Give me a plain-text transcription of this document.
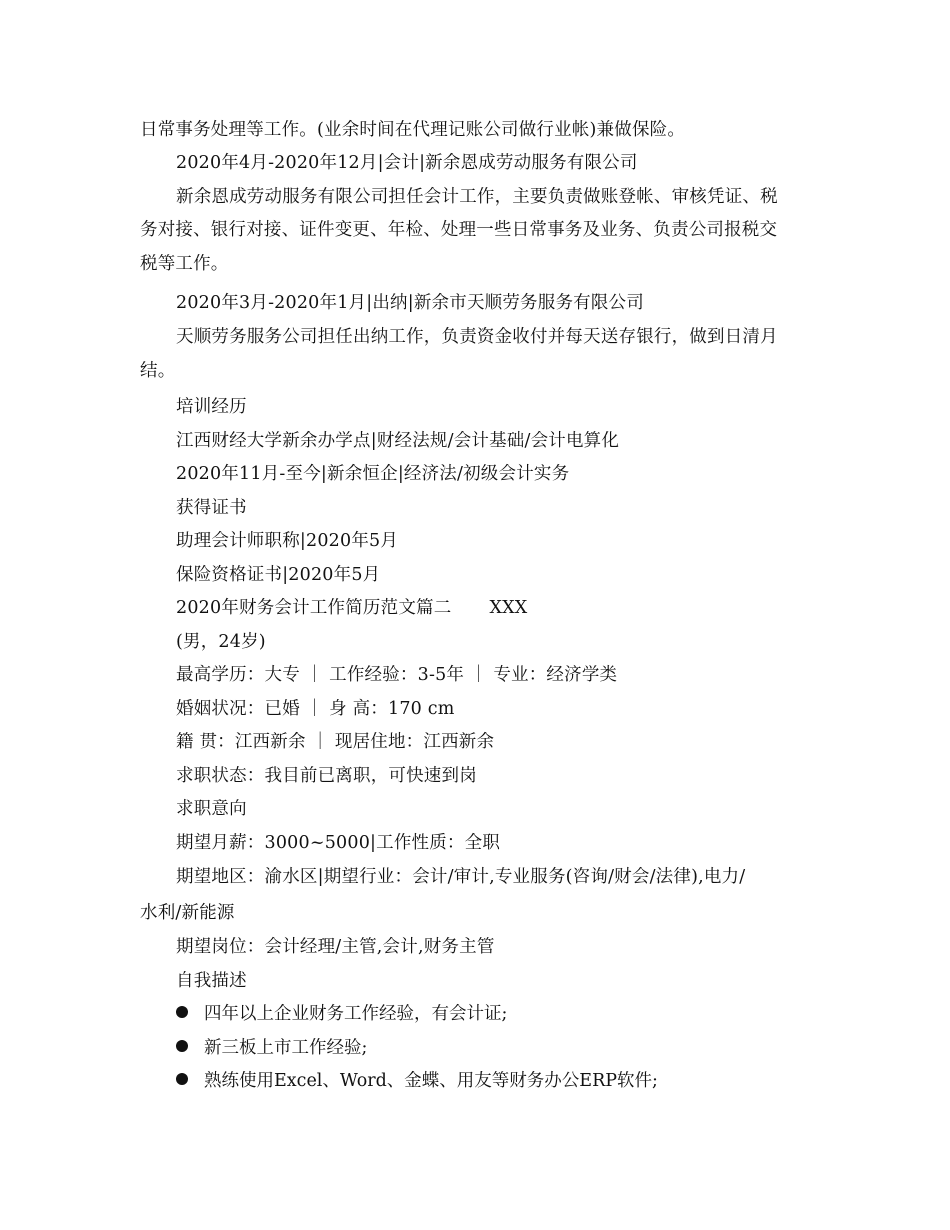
日常事务处理等工作。(业余时间在代理记账公司做行业帐)兼做保险。
2020年4月-2020年12月|会计|新余恩成劳动服务有限公司
新余恩成劳动服务有限公司担任会计工作，主要负责做账登帐、审核凭证、税
务对接、银行对接、证件变更、年检、处理一些日常事务及业务、负责公司报税交
税等工作。
2020年3月-2020年1月|出纳|新余市天顺劳务服务有限公司
天顺劳务服务公司担任出纳工作，负责资金收付并每天送存银行，做到日清月
结。
培训经历
江西财经大学新余办学点|财经法规/会计基础/会计电算化
2020年11月-至今|新余恒企|经济法/初级会计实务
获得证书
助理会计师职称|2020年5月
保险资格证书|2020年5月
2020年财务会计工作简历范文篇二 XXX
(男，24岁)
最高学历：大专 ｜ 工作经验：3-5年 ｜ 专业：经济学类
婚姻状况：已婚 ｜ 身 高：170 cm
籍 贯：江西新余 ｜ 现居住地：江西新余
求职状态：我目前已离职，可快速到岗
求职意向
期望月薪：3000~5000|工作性质：全职
期望地区：渝水区|期望行业：会计/审计,专业服务(咨询/财会/法律),电力/
水利/新能源
期望岗位：会计经理/主管,会计,财务主管
自我描述
四年以上企业财务工作经验，有会计证;
新三板上市工作经验;
熟练使用Excel、Word、金蝶、用友等财务办公ERP软件;
